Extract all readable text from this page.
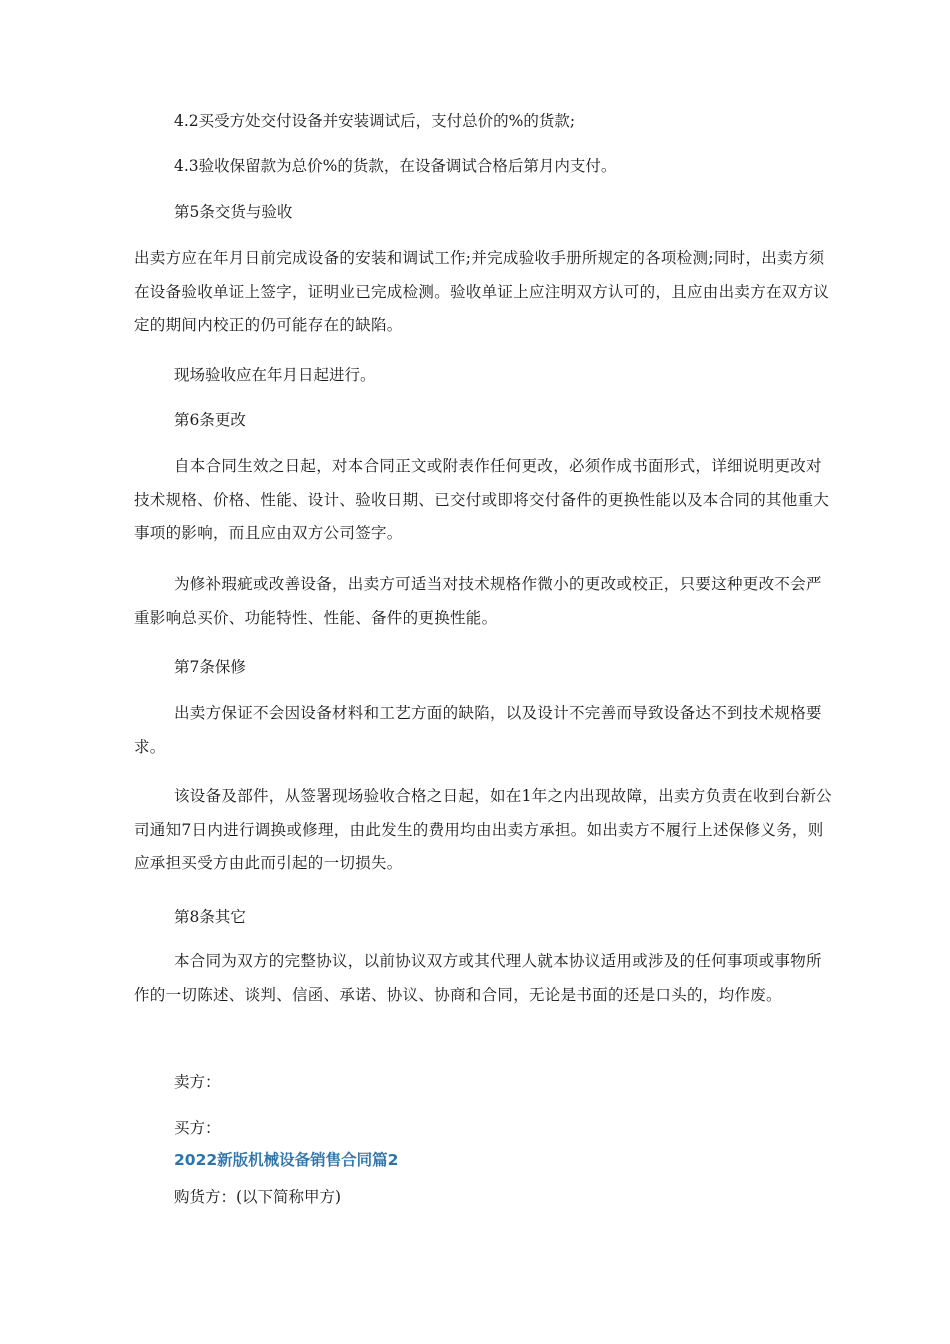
4.2买受方处交付设备并安装调试后，支付总价的%的货款;

4.3验收保留款为总价%的货款，在设备调试合格后第月内支付。

第5条交货与验收

出卖方应在年月日前完成设备的安装和调试工作;并完成验收手册所规定的各项检测;同时，出卖方须在设备验收单证上签字，证明业已完成检测。验收单证上应注明双方认可的，且应由出卖方在双方议定的期间内校正的仍可能存在的缺陷。

现场验收应在年月日起进行。

第6条更改

自本合同生效之日起，对本合同正文或附表作任何更改，必须作成书面形式，详细说明更改对技术规格、价格、性能、设计、验收日期、已交付或即将交付备件的更换性能以及本合同的其他重大事项的影响，而且应由双方公司签字。

为修补瑕疵或改善设备，出卖方可适当对技术规格作微小的更改或校正，只要这种更改不会严重影响总买价、功能特性、性能、备件的更换性能。

第7条保修

出卖方保证不会因设备材料和工艺方面的缺陷，以及设计不完善而导致设备达不到技术规格要求。

该设备及部件，从签署现场验收合格之日起，如在1年之内出现故障，出卖方负责在收到台新公司通知7日内进行调换或修理，由此发生的费用均由出卖方承担。如出卖方不履行上述保修义务，则应承担买受方由此而引起的一切损失。

第8条其它

本合同为双方的完整协议，以前协议双方或其代理人就本协议适用或涉及的任何事项或事物所作的一切陈述、谈判、信函、承诺、协议、协商和合同，无论是书面的还是口头的，均作废。

卖方：

买方：

2022新版机械设备销售合同篇2

购货方：(以下简称甲方)
